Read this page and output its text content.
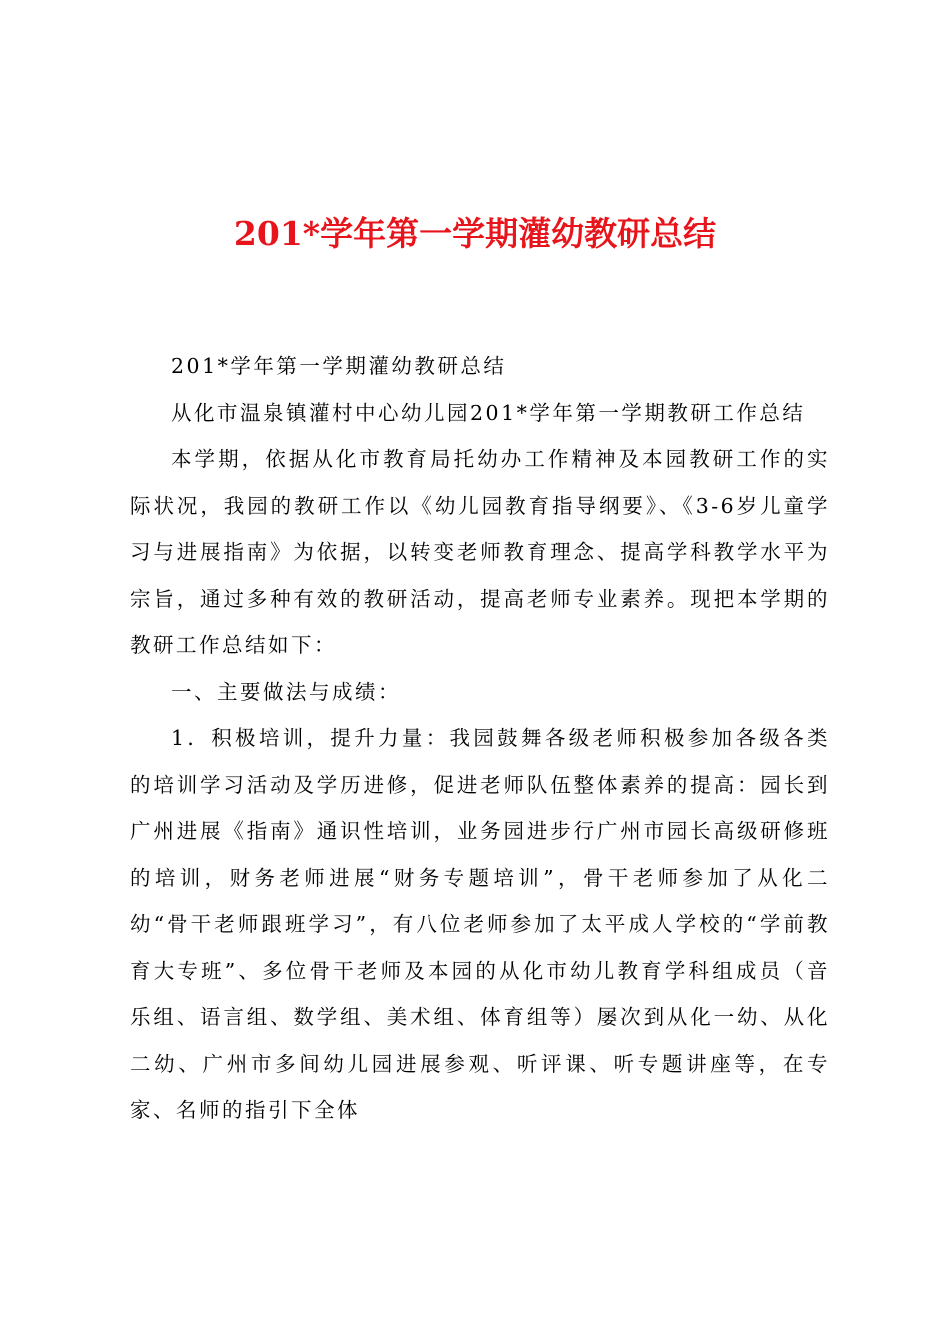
201*学年第一学期灌幼教研总结

201*学年第一学期灌幼教研总结

从化市温泉镇灌村中心幼儿园201*学年第一学期教研工作总结

本学期，依据从化市教育局托幼办工作精神及本园教研工作的实际状况，我园的教研工作以《幼儿园教育指导纲要》、《3-6岁儿童学习与进展指南》为依据，以转变老师教育理念、提高学科教学水平为宗旨，通过多种有效的教研活动，提高老师专业素养。现把本学期的教研工作总结如下：

一、主要做法与成绩：

1．积极培训，提升力量：我园鼓舞各级老师积极参加各级各类的培训学习活动及学历进修，促进老师队伍整体素养的提高：园长到广州进展《指南》通识性培训，业务园进步行广州市园长高级研修班的培训，财务老师进展“财务专题培训”，骨干老师参加了从化二幼“骨干老师跟班学习”，有八位老师参加了太平成人学校的“学前教育大专班”、多位骨干老师及本园的从化市幼儿教育学科组成员（音乐组、语言组、数学组、美术组、体育组等）屡次到从化一幼、从化二幼、广州市多间幼儿园进展参观、听评课、听专题讲座等，在专家、名师的指引下全体
